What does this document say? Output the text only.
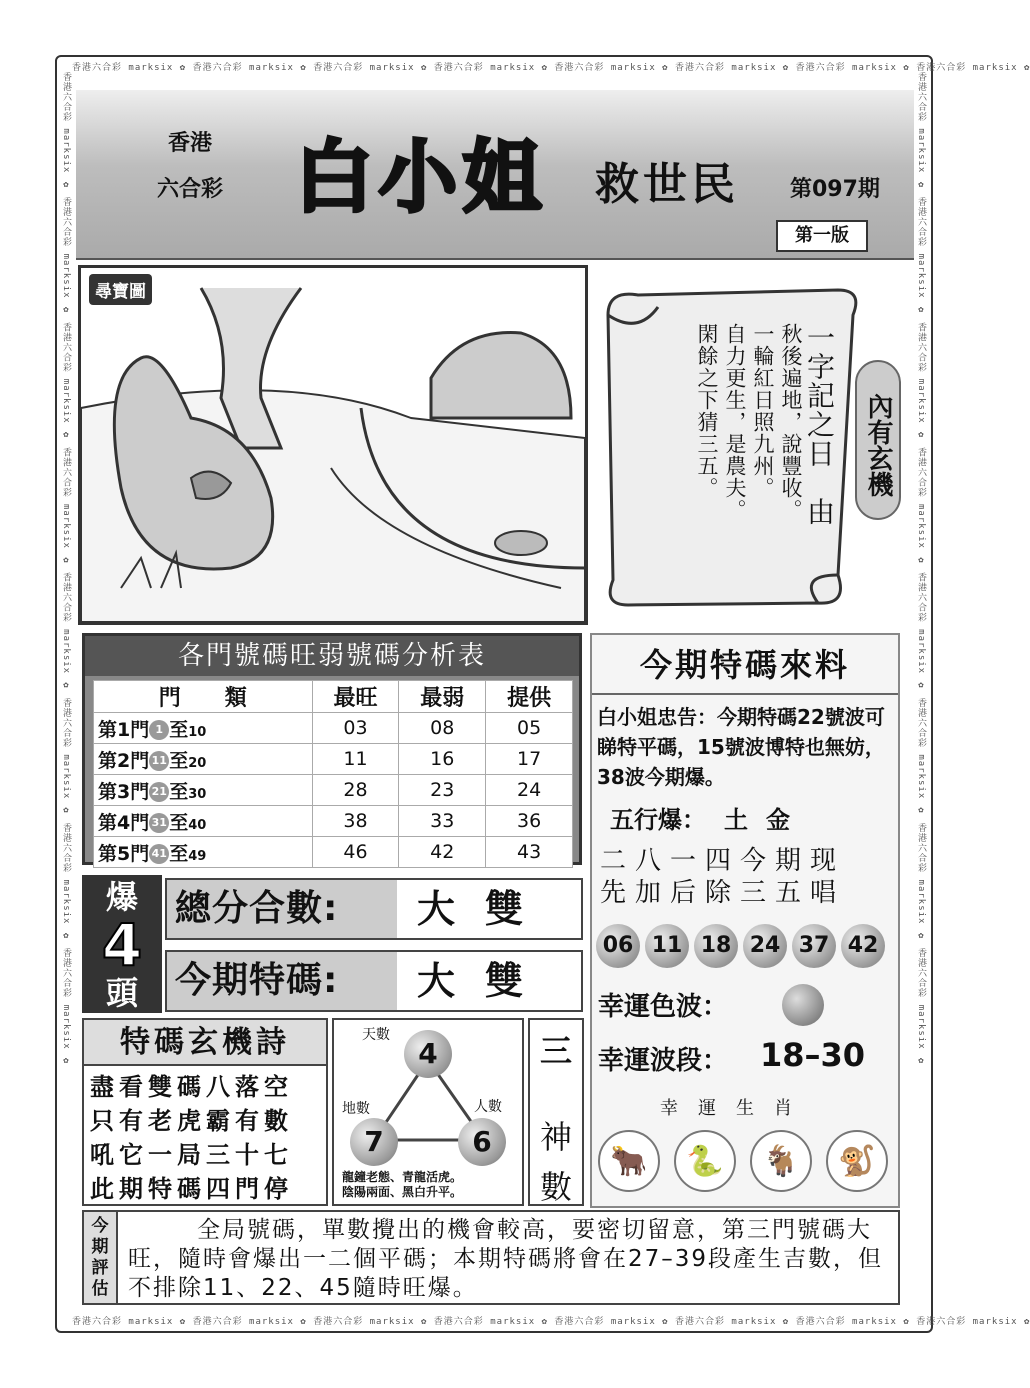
香港六合彩 marksix ✿ 香港六合彩 marksix ✿ 香港六合彩 marksix ✿ 香港六合彩 marksix ✿ 香港六合彩 marksix ✿ 香港六合彩 marksix ✿ 香港六合彩 marksix ✿ 香港六合彩 marksix ✿
香港六合彩 marksix ✿ 香港六合彩 marksix ✿ 香港六合彩 marksix ✿ 香港六合彩 marksix ✿ 香港六合彩 marksix ✿ 香港六合彩 marksix ✿ 香港六合彩 marksix ✿ 香港六合彩 marksix ✿
香港六合彩 marksix ✿ 香港六合彩 marksix ✿ 香港六合彩 marksix ✿ 香港六合彩 marksix ✿ 香港六合彩 marksix ✿ 香港六合彩 marksix ✿ 香港六合彩 marksix ✿ 香港六合彩 marksix ✿	香港六合彩 marksix ✿ 香港六合彩 marksix ✿ 香港六合彩 marksix ✿ 香港六合彩 marksix ✿ 香港六合彩 marksix ✿ 香港六合彩 marksix ✿ 香港六合彩 marksix ✿ 香港六合彩 marksix ✿
香港
六合彩 白小姐 救世民 第097期
第一版
尋寶圖
一字記之日　由
秋後遍地，說豐收。
一輪紅日照九州。
自力更生，是農夫。
閑餘之下猜三五。	內有玄機
各門號碼旺弱號碼分析表
門　　類	最旺	最弱	提供
第1門 1 至10	03	08	05
第2門 11 至20	11	16	17
第3門 21 至30	28	23	24
第4門 31 至40	38	33	36
第5門 41 至49	46	42	43
今期特碼來料
白小姐忠告：今期特碼22號波可睇特平碼，15號波博特也無妨，38波今期爆。
五行爆： 土 金
二八一四今期现
先加后除三五唱
06 11 18 24 37 42
幸運色波：
幸運波段： 18–30
幸運生肖
🐂	🐍	🐐	🐒
爆
4
頭
總分合數:	大雙
今期特碼:	大雙
特碼玄機詩
盡看雙碼八落空
只有老虎霸有數
吼它一局三十七
此期特碼四門停
天數
地數	人數
4
7	6
龍鐘老態、青龍活虎。
陰陽兩面、黑白升平。
三
神
數
今期評估
全局號碼，單數攪出的機會較高，要密切留意，第三門號碼大旺，隨時會爆出一二個平碼；本期特碼將會在27–39段產生吉數，但不排除11、22、45隨時旺爆。
